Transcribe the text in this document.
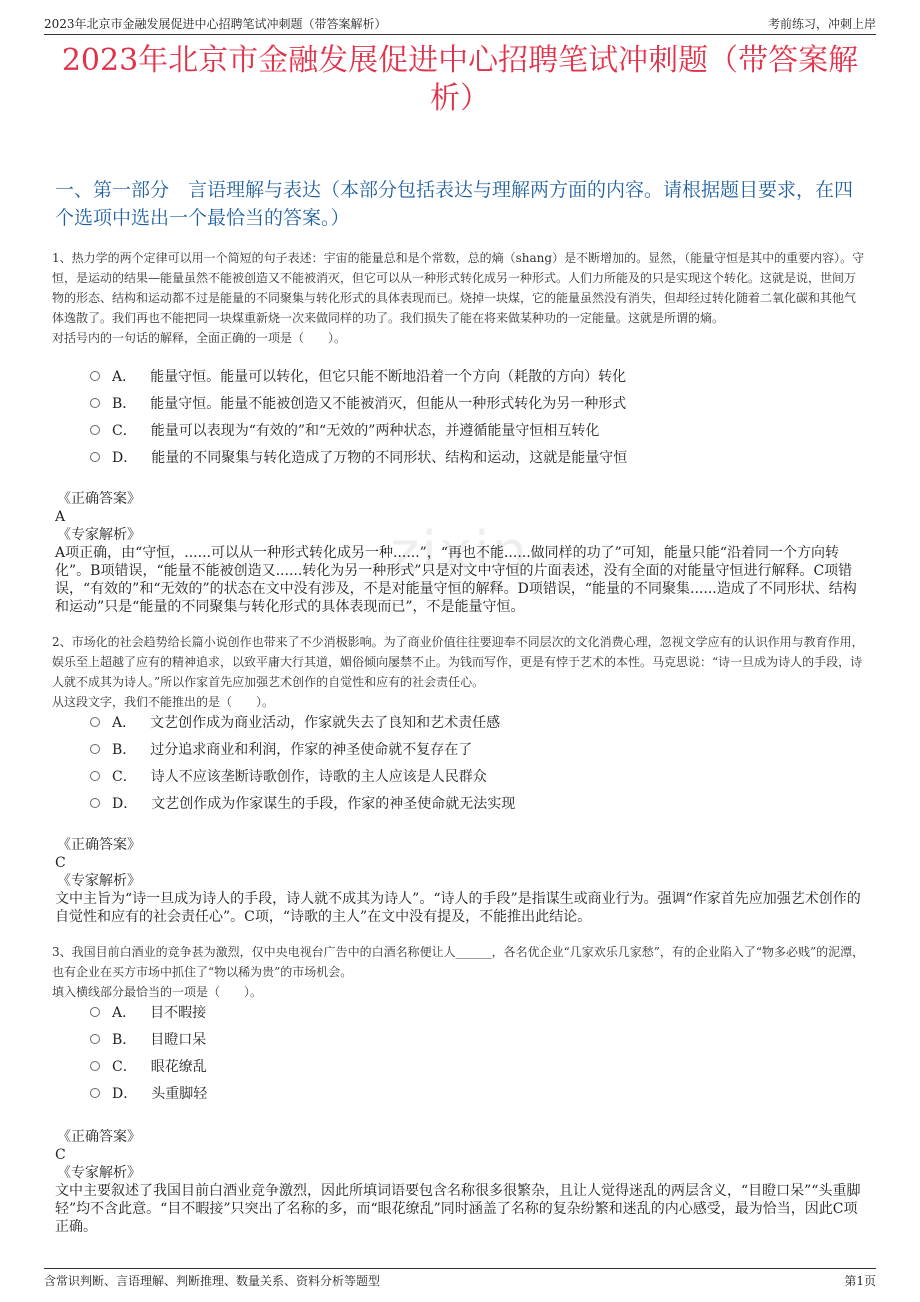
2023年北京市金融发展促进中心招聘笔试冲刺题（带答案解析）	考前练习，冲刺上岸
2023年北京市金融发展促进中心招聘笔试冲刺题（带答案解析）
一、第一部分　言语理解与表达（本部分包括表达与理解两方面的内容。请根据题目要求，在四个选项中选出一个最恰当的答案。）
zixin
1、热力学的两个定律可以用一个简短的句子表述：宇宙的能量总和是个常数，总的熵（shang）是不断增加的。显然，（能量守恒是其中的重要内容）。守恒，是运动的结果—能量虽然不能被创造又不能被消灭，但它可以从一种形式转化成另一种形式。人们力所能及的只是实现这个转化。这就是说，世间万物的形态、结构和运动都不过是能量的不同聚集与转化形式的具体表现而已。烧掉一块煤，它的能量虽然没有消失，但却经过转化随着二氧化碳和其他气体逸散了。我们再也不能把同一块煤重新烧一次来做同样的功了。我们损失了能在将来做某种功的一定能量。这就是所谓的熵。
对括号内的一句话的解释，全面正确的一项是（　　）。
A． 能量守恒。能量可以转化，但它只能不断地沿着一个方向（耗散的方向）转化
B． 能量守恒。能量不能被创造又不能被消灭，但能从一种形式转化为另一种形式
C． 能量可以表现为“有效的”和“无效的”两种状态，并遵循能量守恒相互转化
D． 能量的不同聚集与转化造成了万物的不同形状、结构和运动，这就是能量守恒

《正确答案》

A

《专家解析》

A项正确，由“守恒，......可以从一种形式转化成另一种......”，“再也不能......做同样的功了”可知，能量只能“沿着同一个方向转化”。B项错误，“能量不能被创造又......转化为另一种形式”只是对文中守恒的片面表述，没有全面的对能量守恒进行解释。C项错误，“有效的”和“无效的”的状态在文中没有涉及，不是对能量守恒的解释。D项错误，“能量的不同聚集......造成了不同形状、结构和运动”只是“能量的不同聚集与转化形式的具体表现而已”，不是能量守恒。

2、市场化的社会趋势给长篇小说创作也带来了不少消极影响。为了商业价值往往要迎奉不同层次的文化消费心理，忽视文学应有的认识作用与教育作用，娱乐至上超越了应有的精神追求，以致平庸大行其道，媚俗倾向屡禁不止。为钱而写作，更是有悖于艺术的本性。马克思说：“诗一旦成为诗人的手段，诗人就不成其为诗人。”所以作家首先应加强艺术创作的自觉性和应有的社会责任心。
从这段文字，我们不能推出的是（　　）。
A． 文艺创作成为商业活动，作家就失去了良知和艺术责任感
B． 过分追求商业和利润，作家的神圣使命就不复存在了
C． 诗人不应该垄断诗歌创作，诗歌的主人应该是人民群众
D． 文艺创作成为作家谋生的手段，作家的神圣使命就无法实现

《正确答案》

C

《专家解析》

文中主旨为“诗一旦成为诗人的手段，诗人就不成其为诗人”。“诗人的手段”是指谋生或商业行为。强调“作家首先应加强艺术创作的自觉性和应有的社会责任心”。C项，“诗歌的主人”在文中没有提及，不能推出此结论。

3、我国目前白酒业的竞争甚为激烈，仅中央电视台广告中的白酒名称便让人______，各名优企业“几家欢乐几家愁”，有的企业陷入了“物多必贱”的泥潭，也有企业在买方市场中抓住了“物以稀为贵”的市场机会。
填入横线部分最恰当的一项是（　　）。
A． 目不暇接
B． 目瞪口呆
C． 眼花缭乱
D． 头重脚轻

《正确答案》

C

《专家解析》

文中主要叙述了我国目前白酒业竞争激烈，因此所填词语要包含名称很多很繁杂，且让人觉得迷乱的两层含义，“目瞪口呆”“头重脚轻”均不含此意。“目不暇接”只突出了名称的多，而“眼花缭乱”同时涵盖了名称的复杂纷繁和迷乱的内心感受，最为恰当，因此C项正确。

含常识判断、言语理解、判断推理、数量关系、资料分析等题型	第1页
